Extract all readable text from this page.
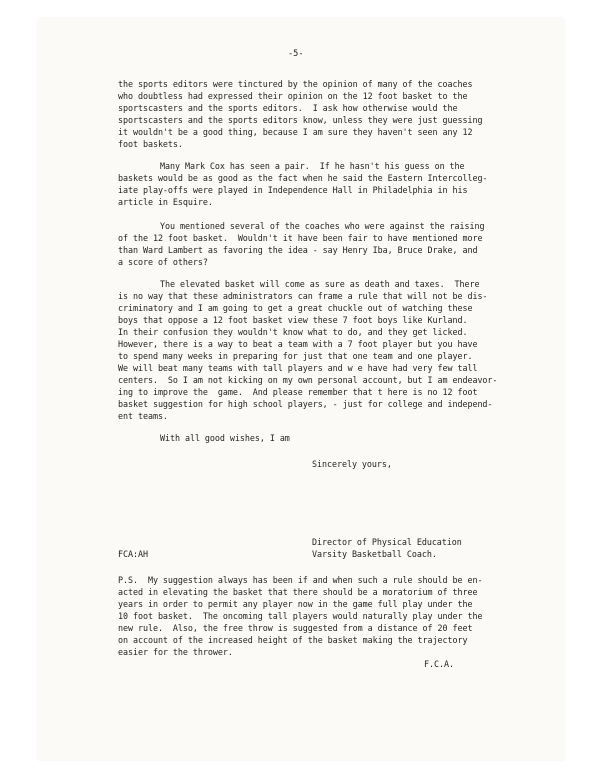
-5-
the sports editors were tinctured by the opinion of many of the coaches
who doubtless had expressed their opinion on the 12 foot basket to the
sportscasters and the sports editors.  I ask how otherwise would the
sportscasters and the sports editors know, unless they were just guessing
it wouldn't be a good thing, because I am sure they haven't seen any 12
foot baskets.
Many Mark Cox has seen a pair.  If he hasn't his guess on the
baskets would be as good as the fact when he said the Eastern Intercolleg-
iate play-offs were played in Independence Hall in Philadelphia in his
article in Esquire.
You mentioned several of the coaches who were against the raising
of the 12 foot basket.  Wouldn't it have been fair to have mentioned more
than Ward Lambert as favoring the idea - say Henry Iba, Bruce Drake, and
a score of others?
The elevated basket will come as sure as death and taxes.  There
is no way that these administrators can frame a rule that will not be dis-
criminatory and I am going to get a great chuckle out of watching these
boys that oppose a 12 foot basket view these 7 foot boys like Kurland.
In their confusion they wouldn't know what to do, and they get licked.
However, there is a way to beat a team with a 7 foot player but you have
to spend many weeks in preparing for just that one team and one player.
We will beat many teams with tall players and w e have had very few tall
centers.  So I am not kicking on my own personal account, but I am endeavor-
ing to improve the  game.  And please remember that t here is no 12 foot
basket suggestion for high school players, - just for college and independ-
ent teams.
With all good wishes, I am
Sincerely yours,
Director of Physical Education
Varsity Basketball Coach.
FCA:AH
P.S.  My suggestion always has been if and when such a rule should be en-
acted in elevating the basket that there should be a moratorium of three
years in order to permit any player now in the game full play under the
10 foot basket.  The oncoming tall players would naturally play under the
new rule.  Also, the free throw is suggested from a distance of 20 feet
on account of the increased height of the basket making the trajectory
easier for the thrower.
F.C.A.
